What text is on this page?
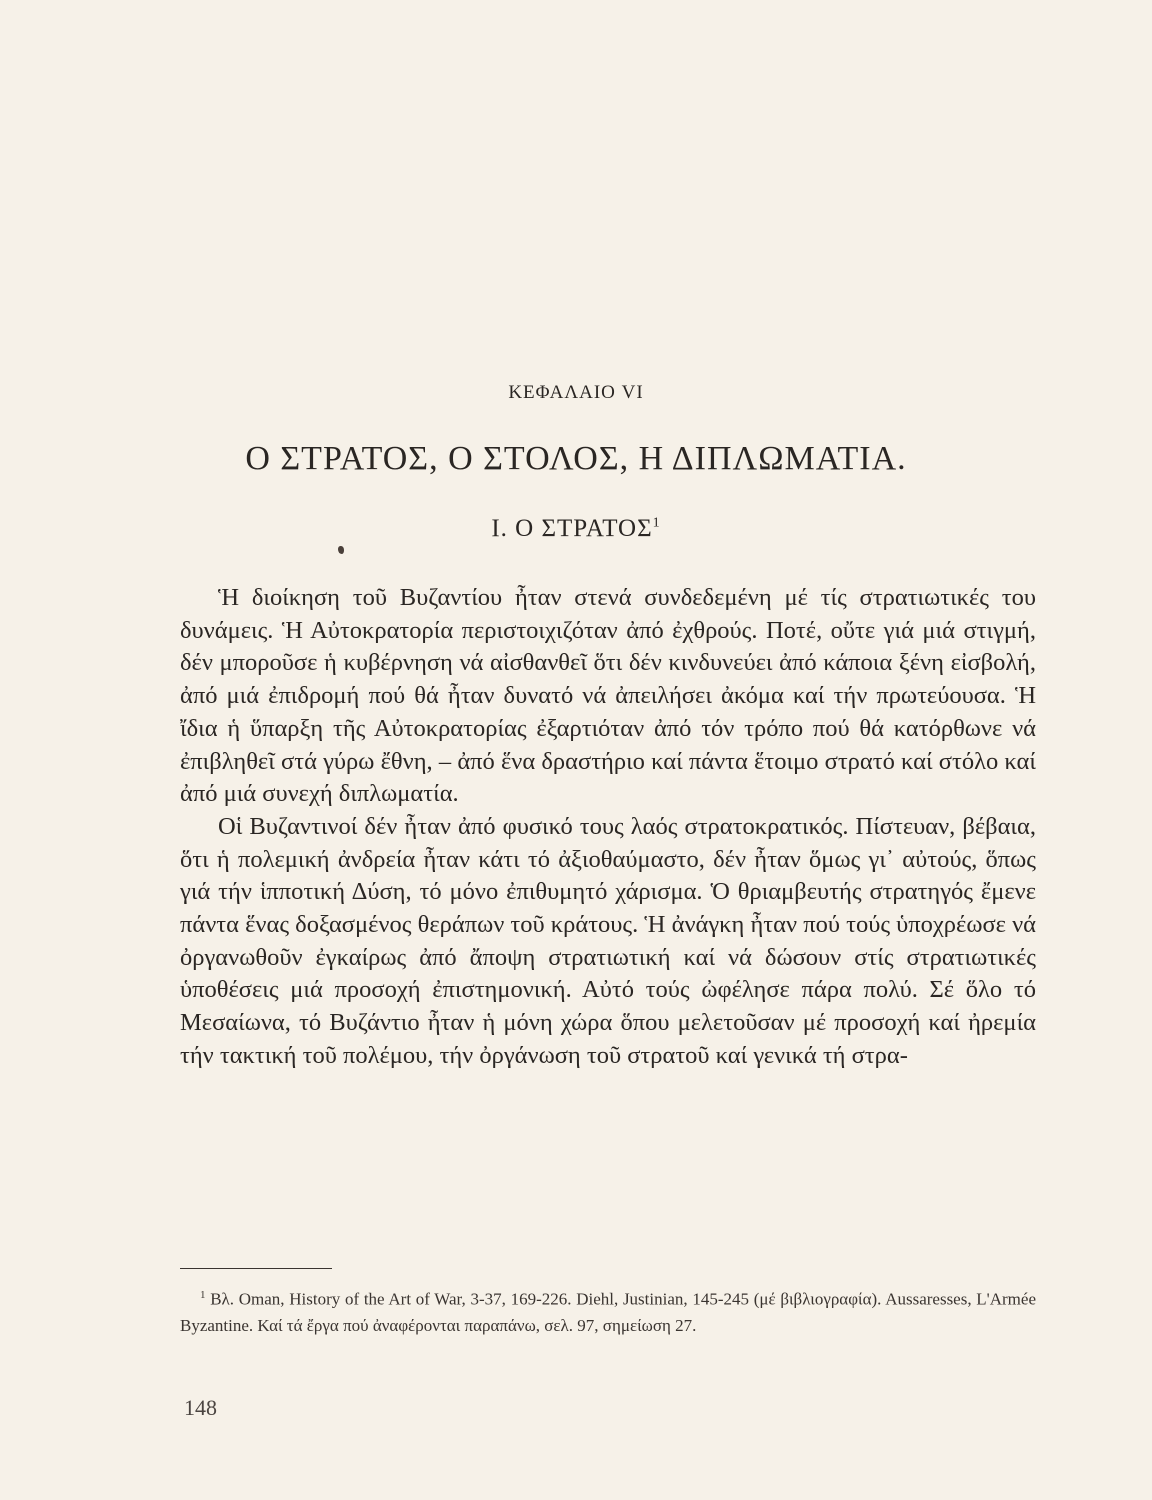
ΚΕΦΑΛΑΙΟ VI
Ο ΣΤΡΑΤΟΣ, Ο ΣΤΟΛΟΣ, Η ΔΙΠΛΩΜΑΤΙΑ.
Ι. Ο ΣΤΡΑΤΟΣ$^1$

Ἡ διοίκηση τοῦ Βυζαντίου ἦταν στενά συνδεδεμένη μέ τίς στρατιωτικές του δυνάμεις. Ἡ Αὐτοκρατορία περιστοιχιζόταν ἀπό ἐχθρούς. Ποτέ, οὔτε γιά μιά στιγμή, δέν μποροῦσε ἡ κυβέρνηση νά αἰσθανθεῖ ὅτι δέν κινδυνεύει ἀπό κάποια ξένη εἰσβολή, ἀπό μιά ἐπιδρομή πού θά ἦταν δυνατό νά ἀπειλήσει ἀκόμα καί τήν πρωτεύουσα. Ἡ ἴδια ἡ ὕπαρξη τῆς Αὐτοκρατορίας ἐξαρτιόταν ἀπό τόν τρόπο πού θά κατόρθωνε νά ἐπιβληθεῖ στά γύρω ἔθνη, – ἀπό ἕνα δραστήριο καί πάντα ἕτοιμο στρατό καί στόλο καί ἀπό μιά συνεχή διπλωματία.

Οἱ Βυζαντινοί δέν ἦταν ἀπό φυσικό τους λαός στρατοκρατικός. Πίστευαν, βέβαια, ὅτι ἡ πολεμική ἀνδρεία ἦταν κάτι τό ἀξιοθαύμαστο, δέν ἦταν ὅμως γι᾽ αὐτούς, ὅπως γιά τήν ἱπποτική Δύση, τό μόνο ἐπιθυμητό χάρισμα. Ὁ θριαμβευτής στρατηγός ἔμενε πάντα ἕνας δοξασμένος θεράπων τοῦ κράτους. Ἡ ἀνάγκη ἦταν πού τούς ὑποχρέωσε νά ὀργανωθοῦν ἐγκαίρως ἀπό ἄποψη στρατιωτική καί νά δώσουν στίς στρατιωτικές ὑποθέσεις μιά προσοχή ἐπιστημονική. Αὐτό τούς ὠφέλησε πάρα πολύ. Σέ ὅλο τό Μεσαίωνα, τό Βυζάντιο ἦταν ἡ μόνη χώρα ὅπου μελετοῦσαν μέ προσοχή καί ἠρεμία τήν τακτική τοῦ πολέμου, τήν ὀργάνωση τοῦ στρατοῦ καί γενικά τή στρα-

$^1$ Βλ. Oman, History of the Art of War, 3-37, 169-226. Diehl, Justinian, 145-245 (μέ βιβλιογραφία). Aussaresses, L'Armée Byzantine. Καί τά ἔργα πού ἀναφέρονται παραπάνω, σελ. 97, σημείωση 27.

148
